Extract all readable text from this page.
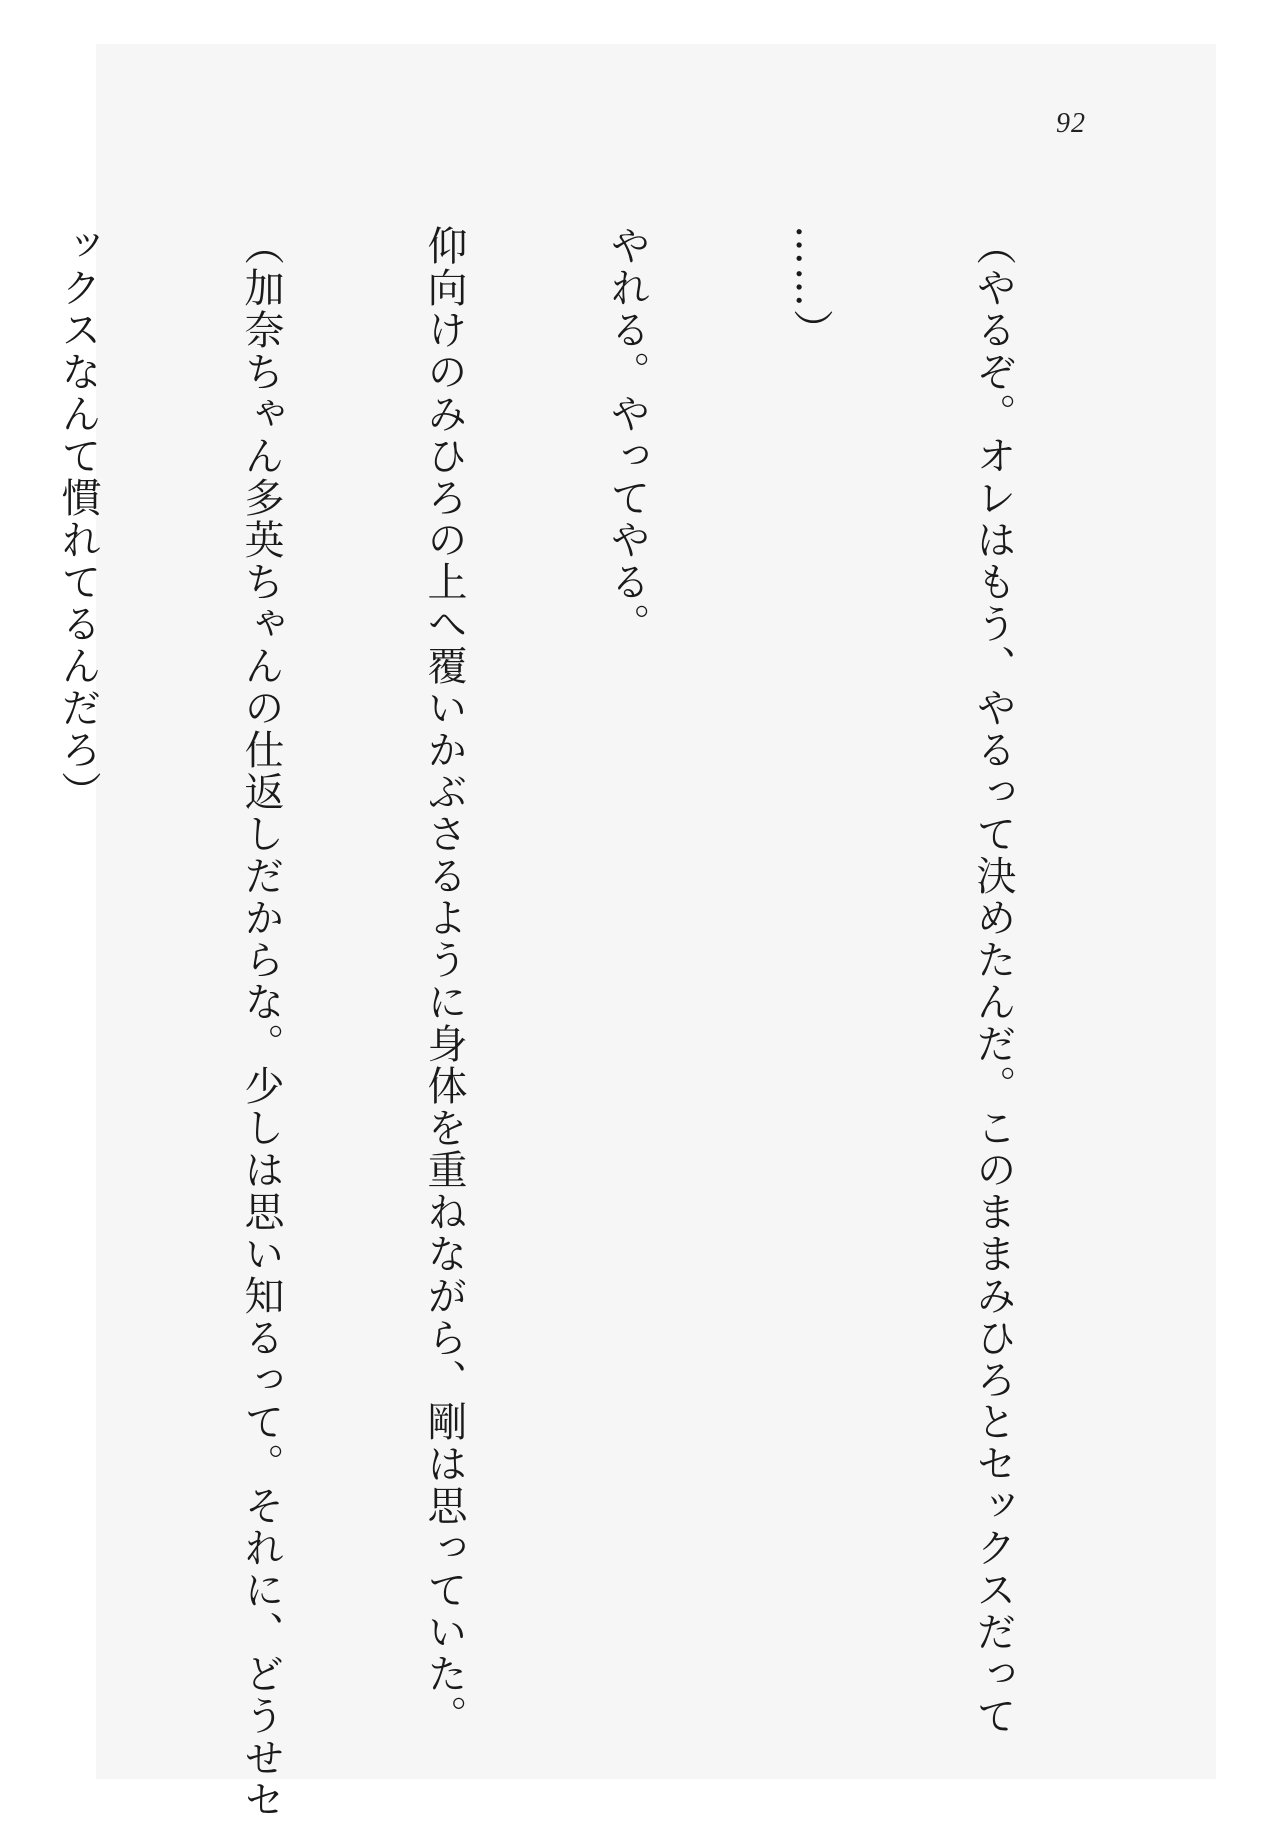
92

（やるぞ。オレはもう、やるって決めたんだ。このままみひろとセックスだって

……）

やれる。やってやる。

仰向けのみひろの上へ覆いかぶさるように身体を重ねながら、剛は思っていた。

（加奈ちゃん多英ちゃんの仕返しだからな。少しは思い知るって。それに、どうせセ

ックスなんて慣れてるんだろ）
